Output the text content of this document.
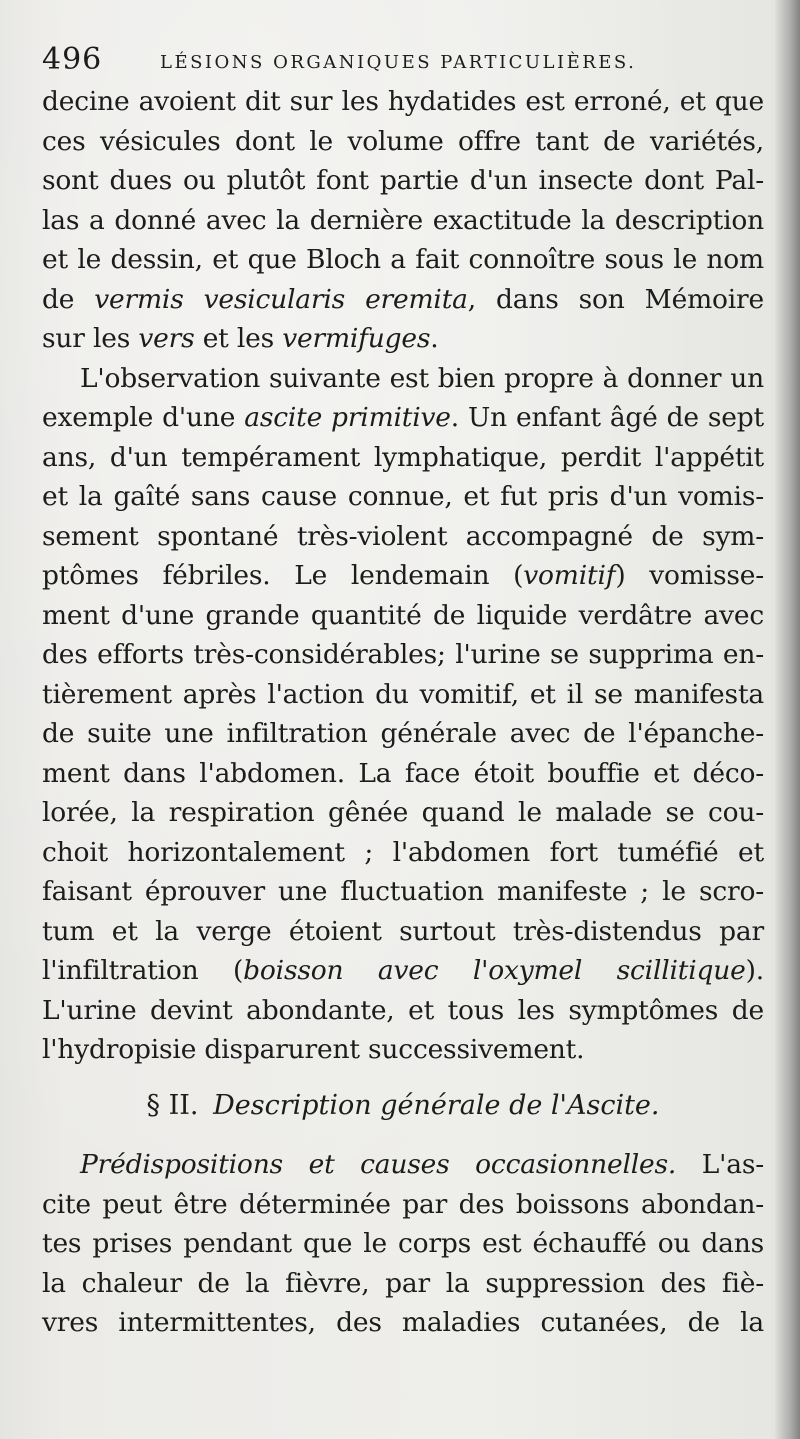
496	LÉSIONS ORGANIQUES PARTICULIÈRES.
decine avoient dit sur les hydatides est erroné, et que
ces vésicules dont le volume offre tant de variétés,
sont dues ou plutôt font partie d'un insecte dont Pal-
las a donné avec la dernière exactitude la description
et le dessin, et que Bloch a fait connoître sous le nom
de vermis vesicularis eremita, dans son Mémoire
sur les vers et les vermifuges.
L'observation suivante est bien propre à donner un
exemple d'une ascite primitive. Un enfant âgé de sept
ans, d'un tempérament lymphatique, perdit l'appétit
et la gaîté sans cause connue, et fut pris d'un vomis-
sement spontané très-violent accompagné de sym-
ptômes fébriles. Le lendemain (vomitif) vomisse-
ment d'une grande quantité de liquide verdâtre avec
des efforts très-considérables; l'urine se supprima en-
tièrement après l'action du vomitif, et il se manifesta
de suite une infiltration générale avec de l'épanche-
ment dans l'abdomen. La face étoit bouffie et déco-
lorée, la respiration gênée quand le malade se cou-
choit horizontalement ; l'abdomen fort tuméfié et
faisant éprouver une fluctuation manifeste ; le scro-
tum et la verge étoient surtout très-distendus par
l'infiltration (boisson avec l'oxymel scillitique).
L'urine devint abondante, et tous les symptômes de
l'hydropisie disparurent successivement.
§ II. Description générale de l'Ascite.
Prédispositions et causes occasionnelles. L'as-
cite peut être déterminée par des boissons abondan-
tes prises pendant que le corps est échauffé ou dans
la chaleur de la fièvre, par la suppression des fiè-
vres intermittentes, des maladies cutanées, de la
